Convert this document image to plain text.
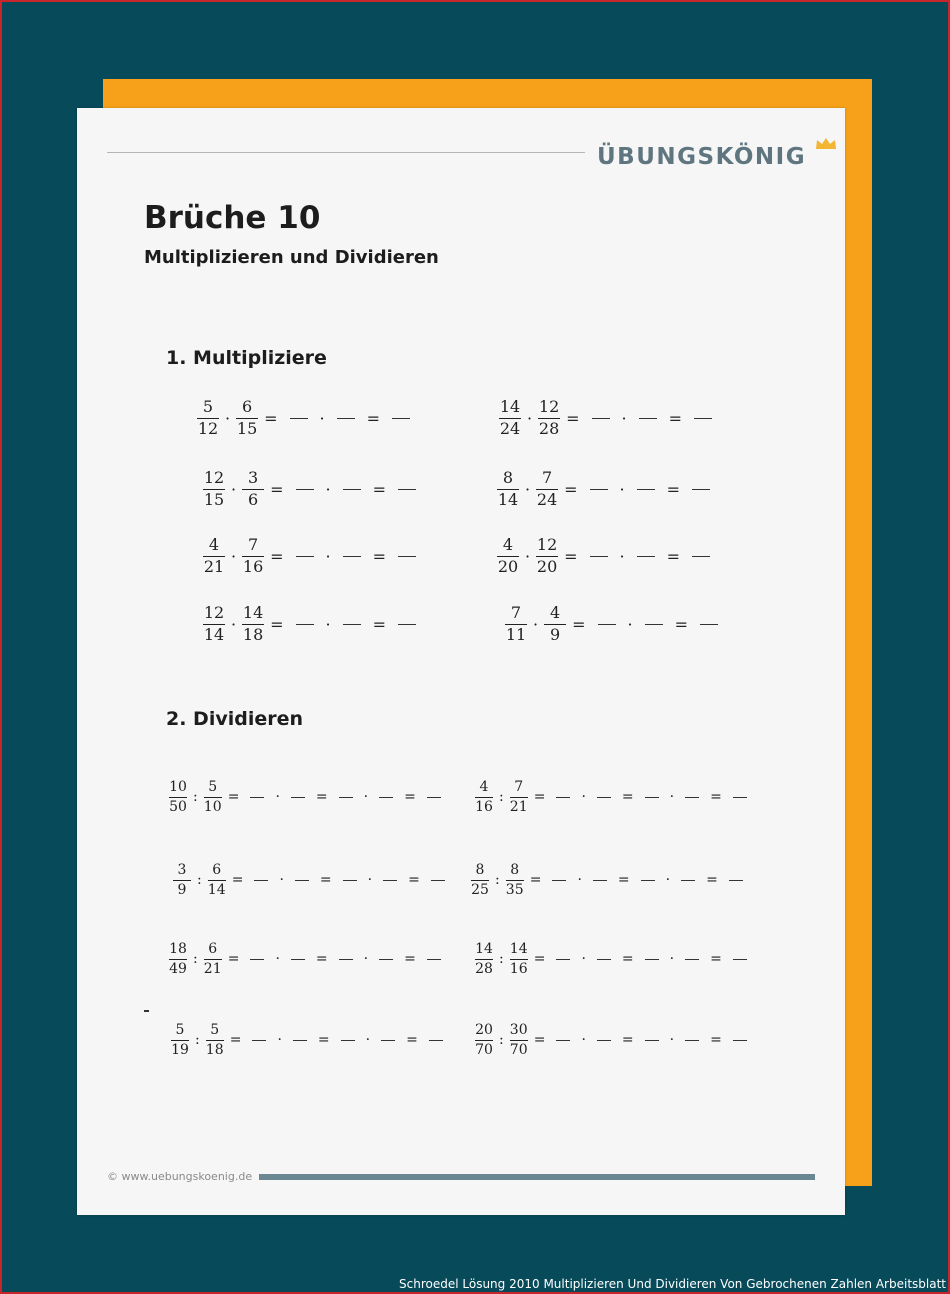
ÜBUNGSKÖNIG
Brüche 10
Multiplizieren und Dividieren
1. Multipliziere
2. Dividieren
$\frac{5}{12} \cdot \frac{6}{15}$ =	·	=	$\frac{14}{24} \cdot \frac{12}{28}$ =	·	=
$\frac{12}{15} \cdot \frac{3}{6}$ =	·	=	$\frac{8}{14} \cdot \frac{7}{24}$ =	·	=
$\frac{4}{21} \cdot \frac{7}{16}$ =	·	=	$\frac{4}{20} \cdot \frac{12}{20}$ =	·	=
$\frac{12}{14} \cdot \frac{14}{18}$ =	·	=	$\frac{7}{11} \cdot \frac{4}{9}$ =	·	=
$\frac{10}{50}$ : $\frac{5}{10}$ =	·	=	·	=	$\frac{4}{16}$ : $\frac{7}{21}$ =	·	=	·	=
$\frac{3}{9}$ : $\frac{6}{14}$ =	·	=	·	=	$\frac{8}{25}$ : $\frac{8}{35}$ =	·	=	·	=
$\frac{18}{49}$ : $\frac{6}{21}$ =	·	=	·	=	$\frac{14}{28}$ : $\frac{14}{16}$ =	·	=	·	=
$\frac{5}{19}$ : $\frac{5}{18}$ =	·	=	·	=	$\frac{20}{70}$ : $\frac{30}{70}$ =	·	=	·	=
© www.uebungskoenig.de
Schroedel Lösung 2010 Multiplizieren Und Dividieren Von Gebrochenen Zahlen Arbeitsblatt
